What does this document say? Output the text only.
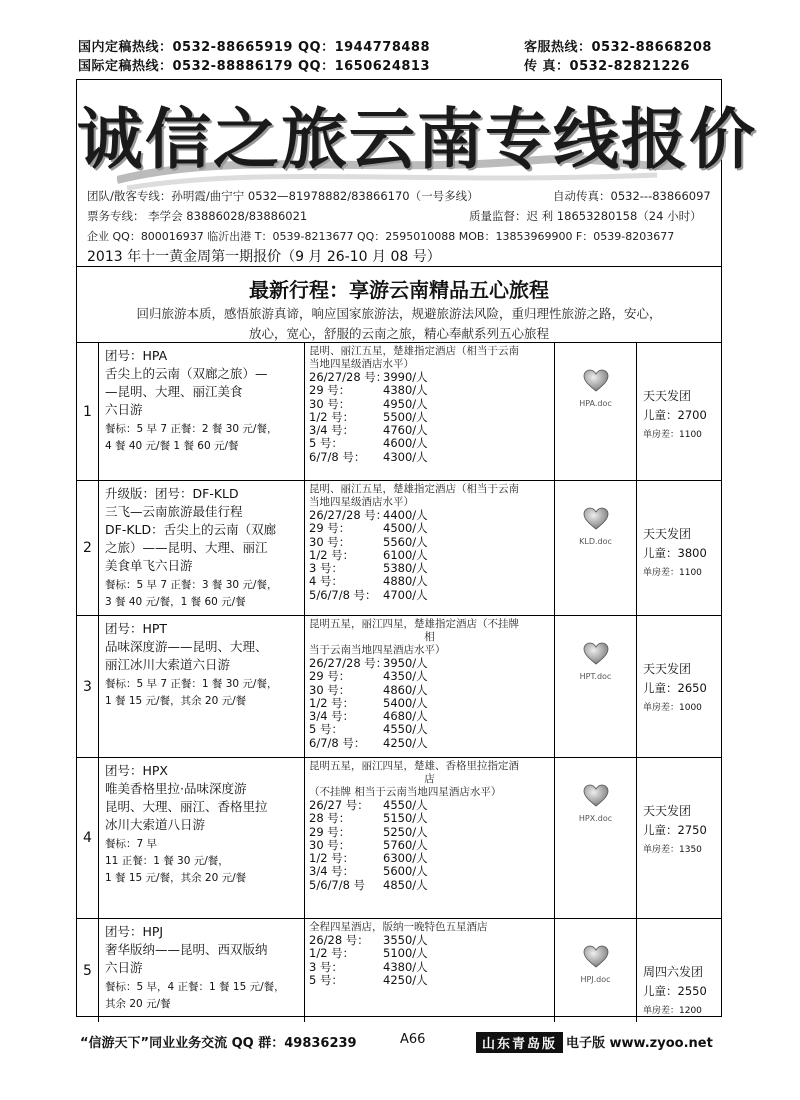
国内定稿热线：0532-88665919 QQ：1944778488
国际定稿热线：0532-88886179 QQ：1650624813
客服热线：0532-88668208
传 真：0532-82821226
诚信之旅云南专线报价
团队/散客专线：孙明霞/曲宁宁 0532—81978882/83866170（一号多线）	自动传真：0532---83866097
票务专线： 李学会 83886028/83886021	质量监督：迟 利 18653280158（24 小时）
企业 QQ：800016937 临沂出港 T：0539-8213677 QQ：2595010088 MOB：13853969900 F：0539-8203677
2013 年十一黄金周第一期报价（9 月 26-10 月 08 号）
最新行程：享游云南精品五心旅程
回归旅游本质，感悟旅游真谛，响应国家旅游法，规避旅游法风险，重归理性旅游之路，安心，
放心，宽心，舒服的云南之旅，精心奉献系列五心旅程
1
团号：HPA
舌尖上的云南（双廊之旅）—
—昆明、大理、丽江美食
六日游
餐标：5 早 7 正餐：2 餐 30 元/餐，
4 餐 40 元/餐 1 餐 60 元/餐
昆明、丽江五星，楚雄指定酒店（相当于云南
当地四星级酒店水平）
26/27/28 号：
3990/人
29 号：	4380/人
30 号：	4950/人
1/2 号：	5500/人
3/4 号：	4760/人
5 号：	4600/人
6/7/8 号：	4300/人
HPA.doc
天天发团
儿童：2700
单房差：1100
2
升级版：团号：DF-KLD
三飞—云南旅游最佳行程
DF-KLD：舌尖上的云南（双廊
之旅）——昆明、大理、丽江
美食单飞六日游
餐标：5 早 7 正餐：3 餐 30 元/餐，
3 餐 40 元/餐，1 餐 60 元/餐
昆明、丽江五星，楚雄指定酒店（相当于云南
当地四星级酒店水平）
26/27/28 号：
4400/人
29 号：	4500/人
30 号：	5560/人
1/2 号：	6100/人
3 号：	5380/人
4 号：	4880/人
5/6/7/8 号： 4700/人
KLD.doc
天天发团
儿童：3800
单房差：1100
3
团号：HPT
品味深度游——昆明、大理、
丽江冰川大索道六日游
餐标：5 早 7 正餐：1 餐 30 元/餐，
1 餐 15 元/餐，其余 20 元/餐
昆明五星，丽江四星，楚雄指定酒店（不挂牌
相
当于云南当地四星酒店水平）
26/27/28 号：
3950/人
29 号：	4350/人
30 号：	4860/人
1/2 号：	5400/人
3/4 号：	4680/人
5 号：	4550/人
6/7/8 号：	4250/人
HPT.doc
天天发团
儿童：2650
单房差：1000
4
团号：HPX
唯美香格里拉·品味深度游
昆明、大理、丽江、香格里拉
冰川大索道八日游
餐标：7 早
11 正餐：1 餐 30 元/餐，
1 餐 15 元/餐，其余 20 元/餐
昆明五星，丽江四星，楚雄、香格里拉指定酒
店
（不挂牌 相当于云南当地四星酒店水平）
26/27 号：	4550/人
28 号：	5150/人
29 号：	5250/人
30 号：	5760/人
1/2 号：	6300/人
3/4 号：	5600/人
5/6/7/8 号	4850/人
HPX.doc
天天发团
儿童：2750
单房差：1350
5
团号：HPJ
奢华版纳——昆明、西双版纳
六日游
餐标：5 早，4 正餐：1 餐 15 元/餐，
其余 20 元/餐
全程四星酒店，版纳一晚特色五星酒店
26/28 号：	3550/人
1/2 号：	5100/人
3 号：	4380/人
5 号：	4250/人	HPJ.doc
周四六发团
儿童：2550
单房差：1200
“信游天下”同业业务交流 QQ 群：49836239	A66	山东青岛版 电子版 www.zyoo.net
